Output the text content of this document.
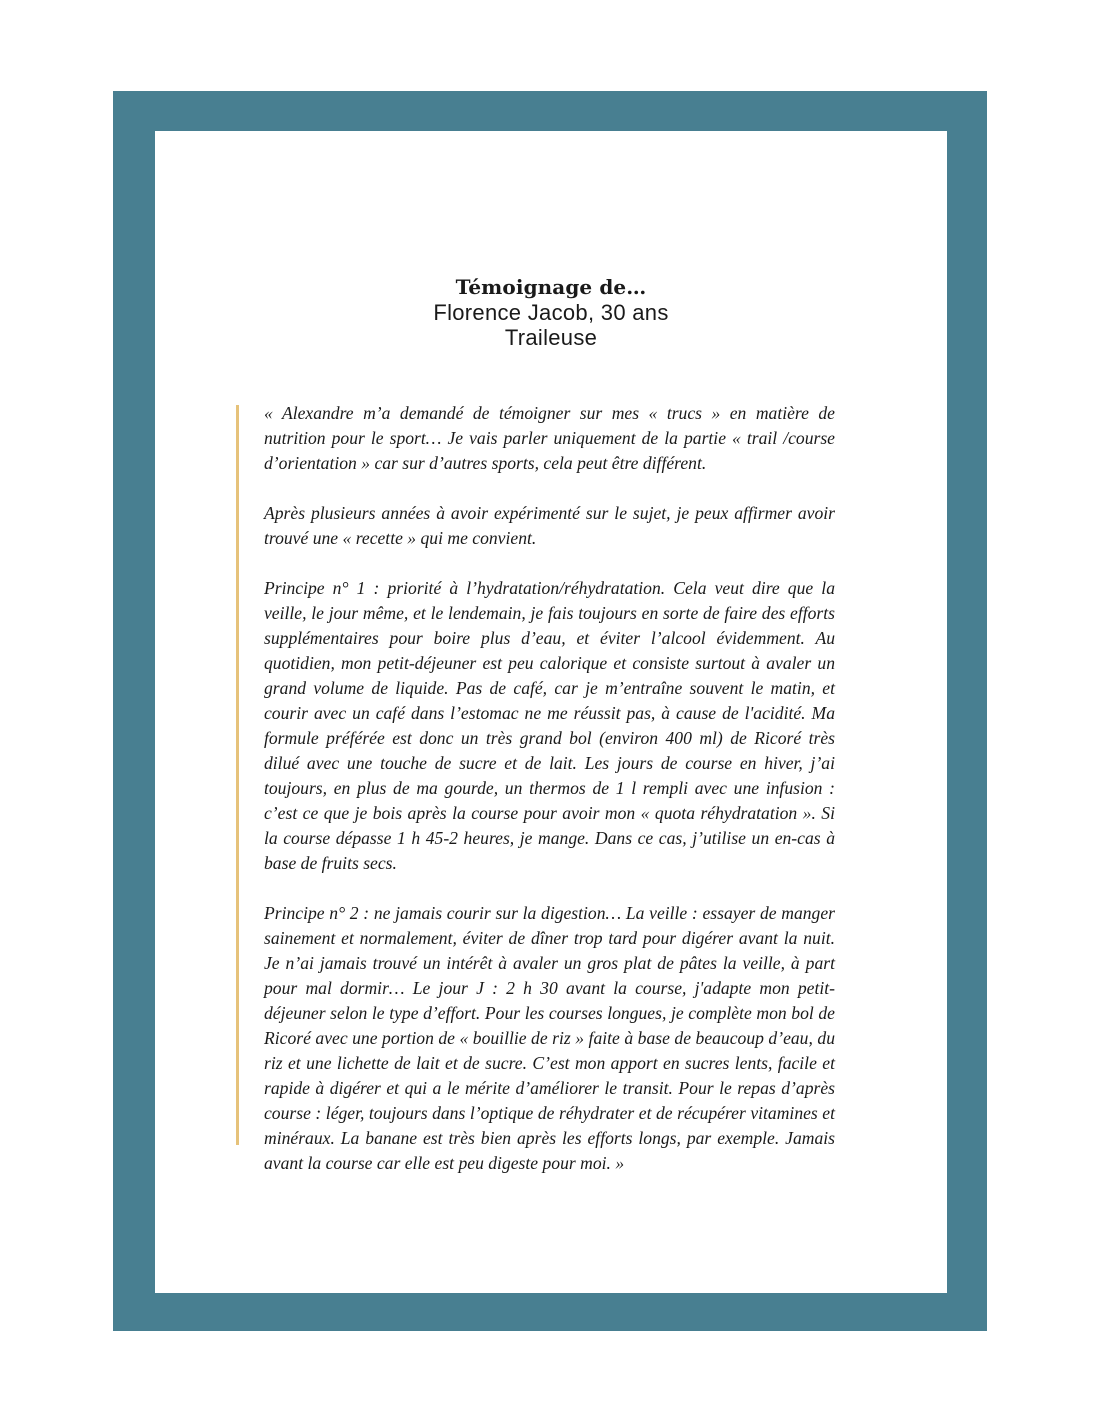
Témoignage de…
Florence Jacob, 30 ans
Traileuse

« Alexandre m’a demandé de témoigner sur mes « trucs » en matière de nutrition pour le sport… Je vais parler uniquement de la partie « trail /course d’orientation » car sur d’autres sports, cela peut être différent.

Après plusieurs années à avoir expérimenté sur le sujet, je peux affirmer avoir trouvé une « recette » qui me convient.

Principe n° 1 : priorité à l’hydratation/réhydratation. Cela veut dire que la veille, le jour même, et le lendemain, je fais toujours en sorte de faire des efforts supplémentaires pour boire plus d’eau, et éviter l’alcool évidemment. Au quotidien, mon petit-déjeuner est peu calorique et consiste surtout à avaler un grand volume de liquide. Pas de café, car je m’entraîne souvent le matin, et courir avec un café dans l’estomac ne me réussit pas, à cause de l'acidité. Ma formule préférée est donc un très grand bol (environ 400 ml) de Ricoré très dilué avec une touche de sucre et de lait. Les jours de course en hiver, j’ai toujours, en plus de ma gourde, un thermos de 1 l rempli avec une infusion : c’est ce que je bois après la course pour avoir mon « quota réhydratation ». Si la course dépasse 1 h 45-2 heures, je mange. Dans ce cas, j’utilise un en-cas à base de fruits secs.

Principe n° 2 : ne jamais courir sur la digestion… La veille : essayer de manger sainement et normalement, éviter de dîner trop tard pour digérer avant la nuit. Je n’ai jamais trouvé un intérêt à avaler un gros plat de pâtes la veille, à part pour mal dormir… Le jour J : 2 h 30 avant la course, j'adapte mon petit-déjeuner selon le type d’effort. Pour les courses longues, je complète mon bol de Ricoré avec une portion de « bouillie de riz » faite à base de beaucoup d’eau, du riz et une lichette de lait et de sucre. C’est mon apport en sucres lents, facile et rapide à digérer et qui a le mérite d’améliorer le transit. Pour le repas d’après course : léger, toujours dans l’optique de réhydrater et de récupérer vitamines et minéraux. La banane est très bien après les efforts longs, par exemple. Jamais avant la course car elle est peu digeste pour moi. »
